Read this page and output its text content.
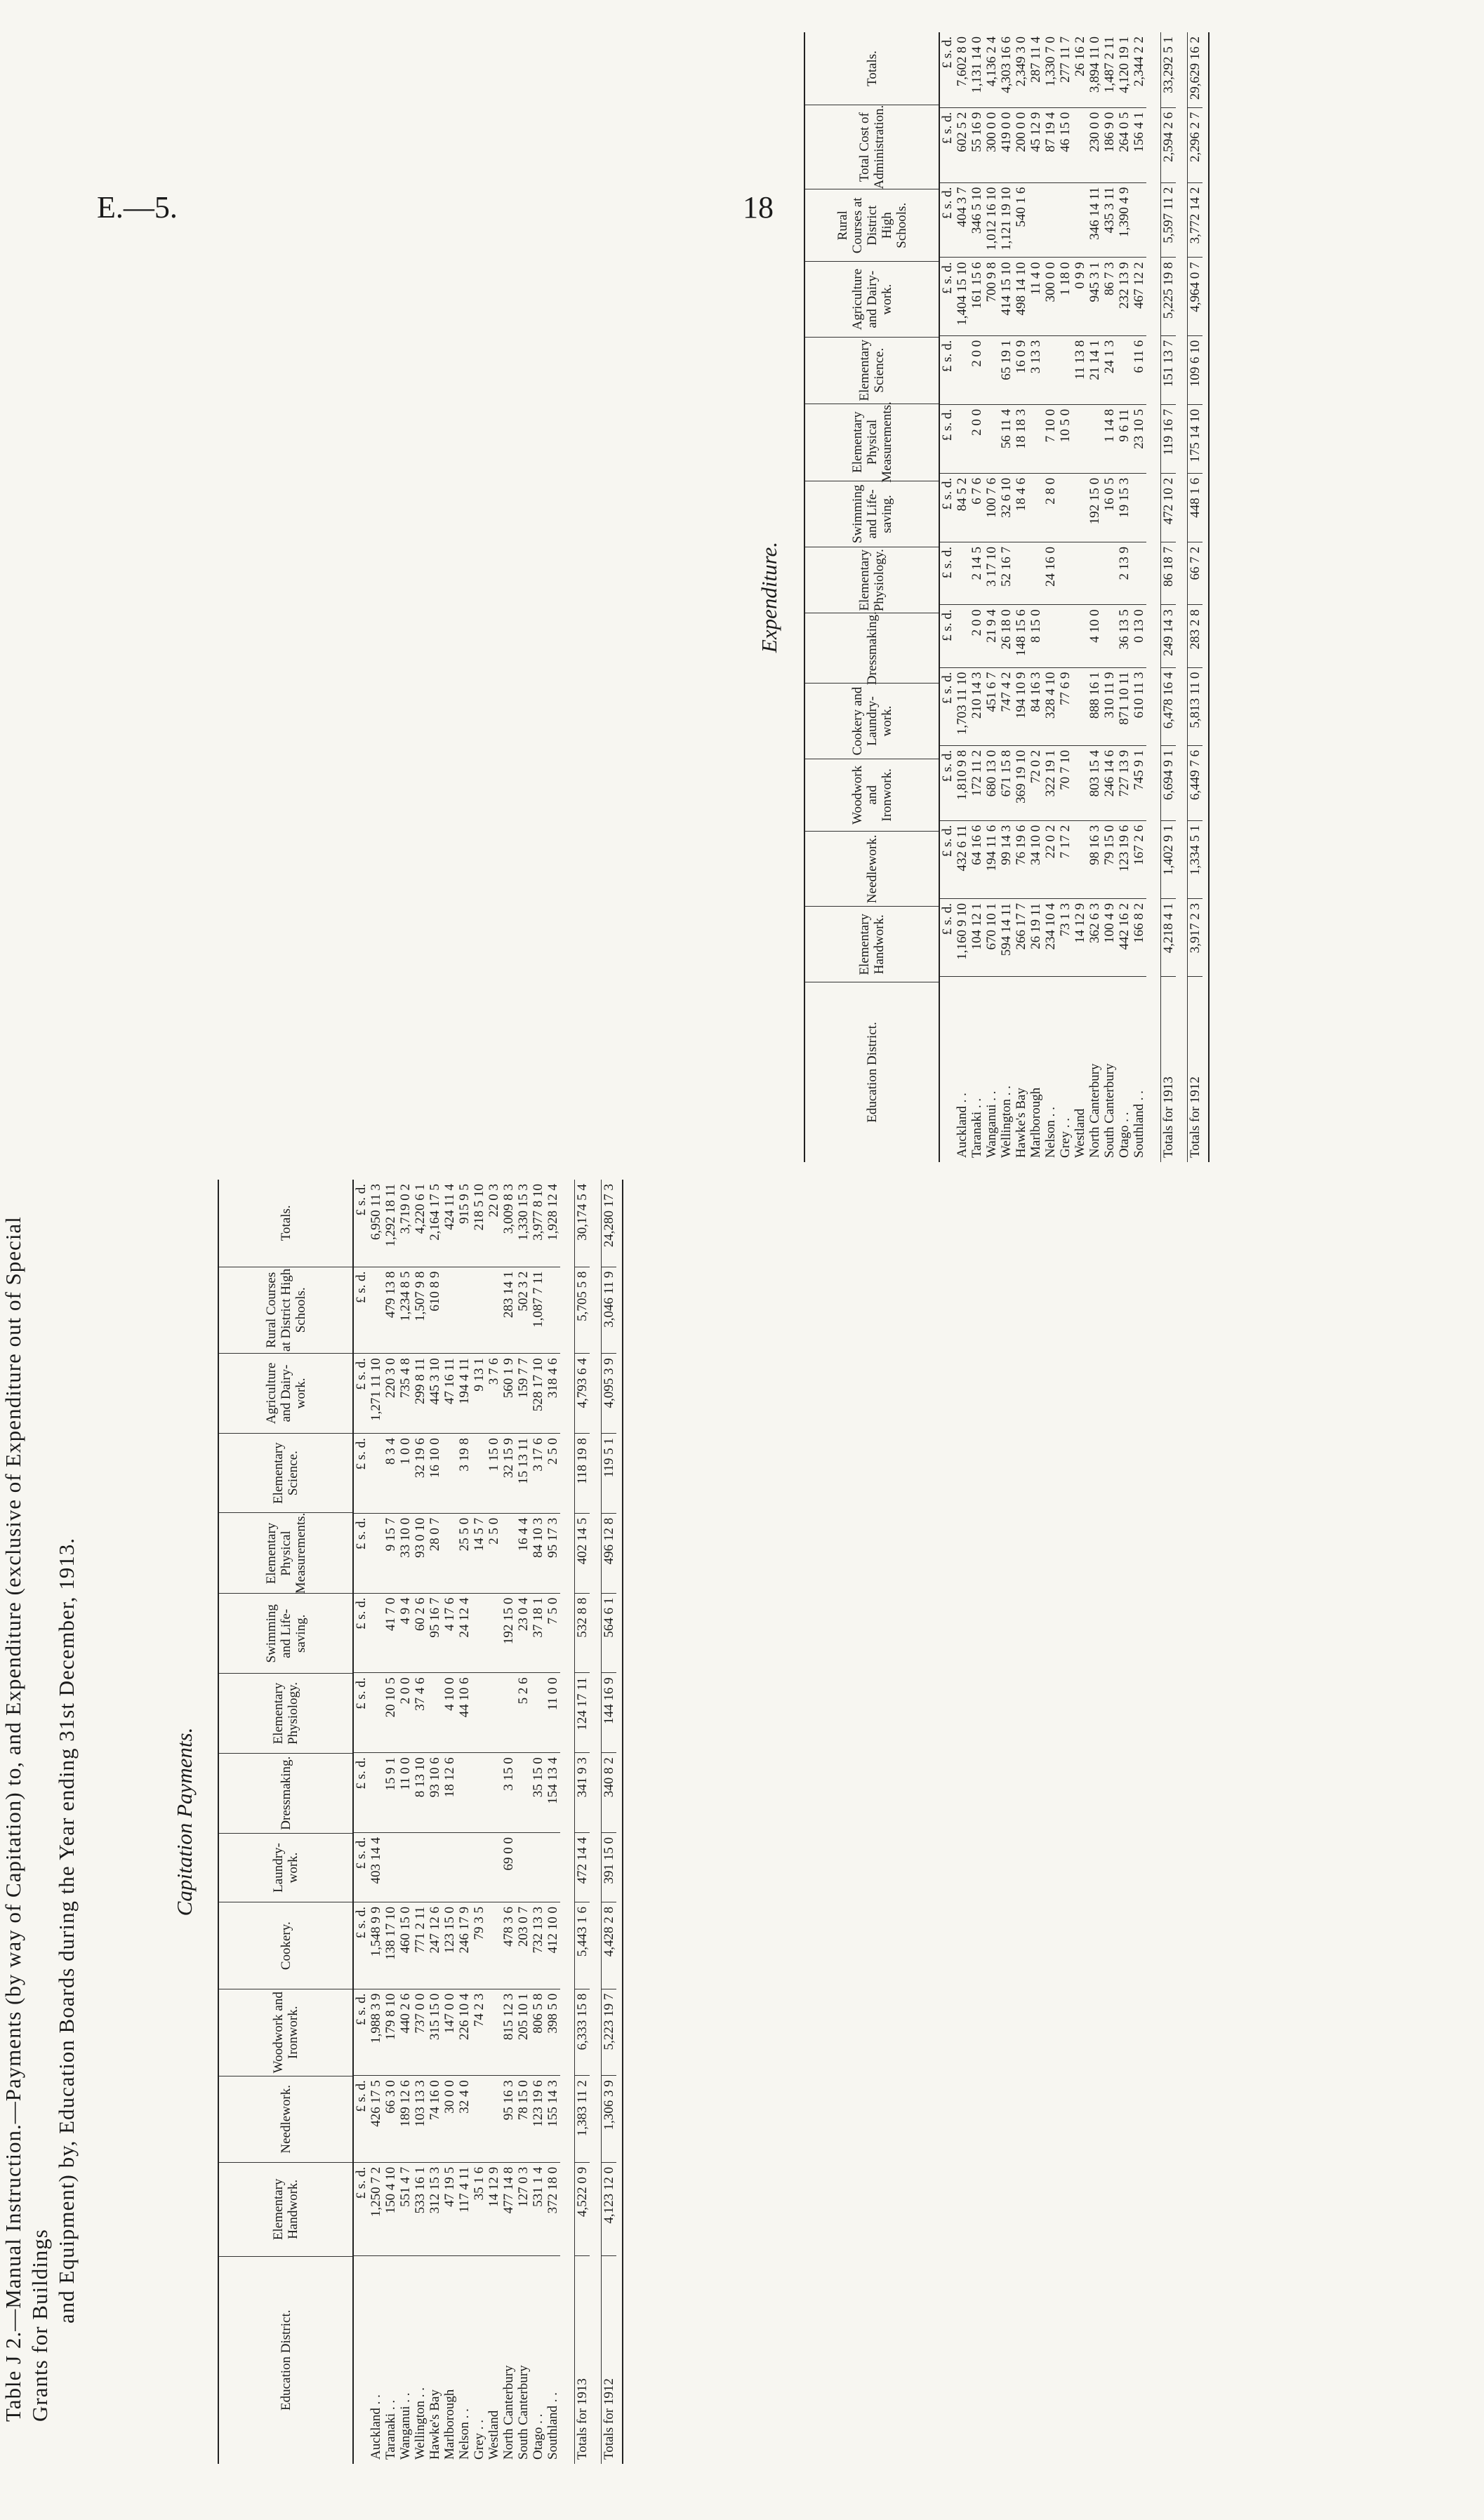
E.—5.	18
Table J 2.—Manual Instruction.—Payments (by way of Capitation) to, and Expenditure (exclusive of Expenditure out of Special Grants for Buildings
and Equipment) by, Education Boards during the Year ending 31st December, 1913.	Capitation Payments.
Education District.
Elementary Handwork.
Needlework.
Woodwork and Ironwork.
Cookery.
Laundry-work.
Dressmaking.
Elementary Physiology.
Swimming and Life-saving.
Elementary Physical Measurements.
Elementary Science.
Agriculture and Dairy-work.
Rural Courses at District High Schools.
Totals.
£ s. d.
£ s. d.
£ s. d.
£ s. d.
£ s. d.
£ s. d.
£ s. d.
£ s. d.
£ s. d.
£ s. d.
£ s. d.
£ s. d.
£ s. d.
Auckland . .
1,250 7 2
426 17 5
1,988 3 9
1,548 9 9
403 14 4
1,271 11 10
6,950 11 3
Taranaki . .
150 4 10
66 3 0
179 8 10
138 17 10
15 9 1
20 10 5
41 7 0
9 15 7
8 3 4
220 3 0
479 13 8
1,292 18 11
Wanganui . .
551 4 7
189 12 6
440 2 6
460 15 0
11 0 0
2 0 0
4 9 4
33 10 0
1 0 0
735 4 8
1,234 8 5
3,719 0 2
Wellington . .
533 16 1
103 13 3
737 0 0
771 2 11
8 13 10
37 4 6
60 2 6
93 0 10
32 19 6
299 8 11
1,507 9 8
4,220 6 1
Hawke's Bay
312 15 3
74 16 0
315 15 0
247 12 6
93 10 6
95 16 7
28 0 7
16 10 0
445 3 10
610 8 9
2,164 17 5
Marlborough
47 19 5
30 0 0
147 0 0
123 15 0
18 12 6
4 10 0
4 17 6
47 16 11
424 11 4
Nelson . .
117 4 11
32 4 0
226 10 4
246 17 9
44 10 6
24 12 4
25 5 0
3 19 8
194 4 11
915 9 5
Grey . .
35 1 6
74 2 3
79 3 5
14 5 7
9 13 1
218 5 10
Westland
14 12 9
2 5 0
1 15 0
3 7 6
22 0 3
North Canterbury
477 14 8
95 16 3
815 12 3
478 3 6
69 0 0
3 15 0
192 15 0
32 15 9
560 1 9
283 14 1
3,009 8 3
South Canterbury
127 0 3
78 15 0
205 10 1
203 0 7
5 2 6
23 0 4
16 4 4
15 13 11
159 7 7
502 3 2
1,330 15 3
Otago . .
531 1 4
123 19 6
806 5 8
732 13 3
35 15 0
37 18 1
84 10 3
3 17 6
528 17 10
1,087 7 11
3,977 8 10
Southland . .
372 18 0
155 14 3
398 5 0
412 10 0
154 13 4
11 0 0
7 5 0
95 17 3
2 5 0
318 4 6
1,928 12 4
Totals for 1913
4,522 0 9
1,383 11 2
6,333 15 8
5,443 1 6
472 14 4
341 9 3
124 17 11
532 8 8
402 14 5
118 19 8
4,793 6 4
5,705 5 8
30,174 5 4
Totals for 1912
4,123 12 0
1,306 3 9
5,223 19 7
4,428 2 8
391 15 0
340 8 2
144 16 9
564 6 1
496 12 8
119 5 1
4,095 3 9
3,046 11 9
24,280 17 3
Expenditure.
Education District.
Elementary Handwork.
Needlework.
Woodwork and Ironwork.
Cookery and Laundry-work.
Dressmaking.
Elementary Physiology.
Swimming and Life-saving.
Elementary Physical Measurements.
Elementary Science.
Agriculture and Dairy-work.
Rural Courses at District High Schools.
Total Cost of Administration.
Totals.
£ s. d.
£ s. d.
£ s. d.
£ s. d.
£ s. d.
£ s. d.
£ s. d.
£ s. d.
£ s. d.
£ s. d.
£ s. d.
£ s. d.
£ s. d.
Auckland . .
1,160 9 10
432 6 11
1,810 9 8
1,703 11 10
84 5 2
1,404 15 10
404 3 7
602 5 2
7,602 8 0
Taranaki . .
104 12 1
64 16 6
172 11 2
210 14 3
2 0 0
2 14 5
6 7 6
2 0 0
2 0 0
161 15 6
346 5 10
55 16 9
1,131 14 0
Wanganui . .
670 10 1
194 11 6
680 13 0
451 6 7
21 9 4
3 17 10
100 7 6
700 9 8
1,012 16 10
300 0 0
4,136 2 4
Wellington . .
594 14 11
99 14 3
671 15 8
747 4 2
26 18 0
52 16 7
32 6 10
56 11 4
65 19 1
414 15 10
1,121 19 10
419 0 0
4,303 16 6
Hawke's Bay
266 17 7
76 19 6
369 19 10
194 10 9
148 15 6
18 4 6
18 18 3
16 0 9
498 14 10
540 1 6
200 0 0
2,349 3 0
Marlborough
26 19 11
34 10 0
72 0 2
84 16 3
8 15 0
3 13 3
11 4 0
45 12 9
287 11 4
Nelson . .
234 10 4
22 0 2
322 19 1
328 4 10
24 16 0
2 8 0
7 10 0
300 0 0
87 19 4
1,330 7 0
Grey . .
73 1 3
7 17 2
70 7 10
77 6 9
10 5 0
1 18 0
46 15 0
277 11 7
Westland
14 12 9
11 13 8
0 9 9
26 16 2
North Canterbury
362 6 3
98 16 3
803 15 4
888 16 1
4 10 0
192 15 0
21 14 1
945 3 1
346 14 11
230 0 0
3,894 11 0
South Canterbury
100 4 9
79 15 0
246 14 6
310 11 9
16 0 5
1 14 8
24 1 3
86 7 3
435 3 11
186 9 0
1,487 2 11
Otago . .
442 16 2
123 19 6
727 13 9
871 10 11
36 13 5
2 13 9
19 15 3
9 6 11
232 13 9
1,390 4 9
264 0 5
4,120 19 1
Southland . .
166 8 2
167 2 6
745 9 1
610 11 3
0 13 0
23 10 5
6 11 6
467 12 2
156 4 1
2,344 2 2
Totals for 1913
4,218 4 1
1,402 9 1
6,694 9 1
6,478 16 4
249 14 3
86 18 7
472 10 2
119 16 7
151 13 7
5,225 19 8
5,597 11 2
2,594 2 6
33,292 5 1
Totals for 1912
3,917 2 3
1,334 5 1
6,449 7 6
5,813 11 0
283 2 8
66 7 2
448 1 6
175 14 10
109 6 10
4,964 0 7
3,772 14 2
2,296 2 7
29,629 16 2
